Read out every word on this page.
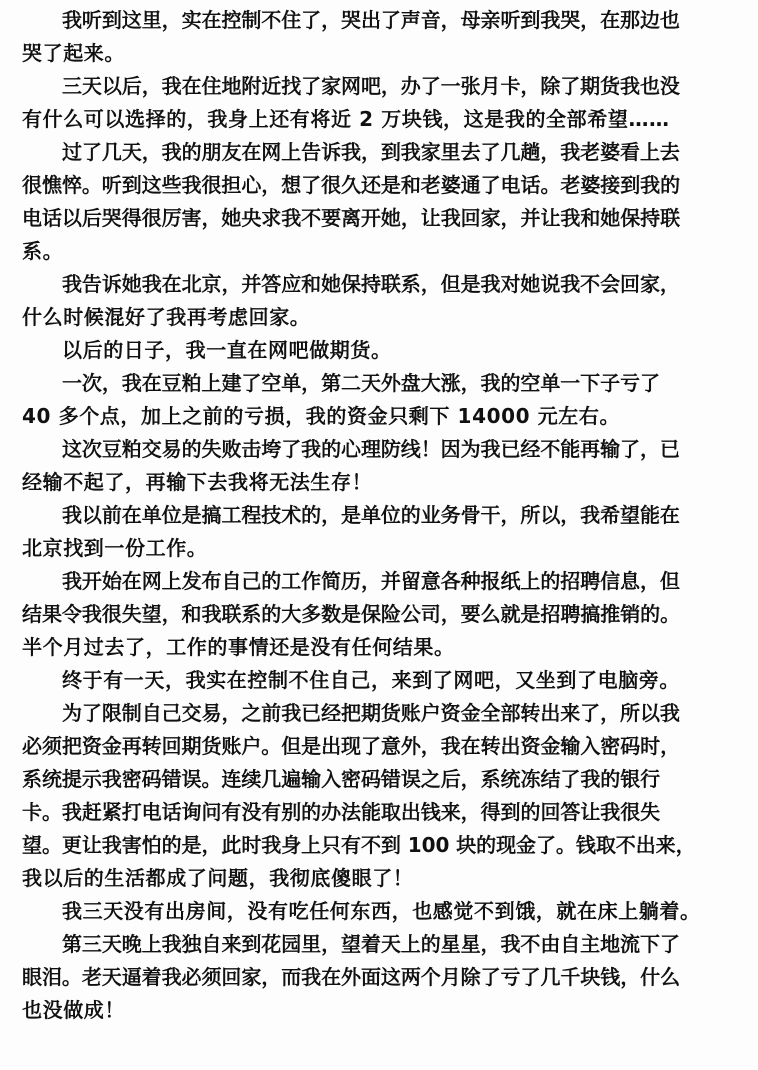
我听到这里，实在控制不住了，哭出了声音，母亲听到我哭，在那边也
哭了起来。
三天以后，我在住地附近找了家网吧，办了一张月卡，除了期货我也没
有什么可以选择的，我身上还有将近 2 万块钱，这是我的全部希望……
过了几天，我的朋友在网上告诉我，到我家里去了几趟，我老婆看上去
很憔悴。听到这些我很担心，想了很久还是和老婆通了电话。老婆接到我的
电话以后哭得很厉害，她央求我不要离开她，让我回家，并让我和她保持联
系。
我告诉她我在北京，并答应和她保持联系，但是我对她说我不会回家，
什么时候混好了我再考虑回家。
以后的日子，我一直在网吧做期货。
一次，我在豆粕上建了空单，第二天外盘大涨，我的空单一下子亏了
40 多个点，加上之前的亏损，我的资金只剩下 14000 元左右。
这次豆粕交易的失败击垮了我的心理防线！因为我已经不能再输了，已
经输不起了，再输下去我将无法生存！
我以前在单位是搞工程技术的，是单位的业务骨干，所以，我希望能在
北京找到一份工作。
我开始在网上发布自己的工作简历，并留意各种报纸上的招聘信息，但
结果令我很失望，和我联系的大多数是保险公司，要么就是招聘搞推销的。
半个月过去了，工作的事情还是没有任何结果。
终于有一天，我实在控制不住自己，来到了网吧，又坐到了电脑旁。
为了限制自己交易，之前我已经把期货账户资金全部转出来了，所以我
必须把资金再转回期货账户。但是出现了意外，我在转出资金输入密码时，
系统提示我密码错误。连续几遍输入密码错误之后，系统冻结了我的银行
卡。我赶紧打电话询问有没有别的办法能取出钱来，得到的回答让我很失
望。更让我害怕的是，此时我身上只有不到 100 块的现金了。钱取不出来，
我以后的生活都成了问题，我彻底傻眼了！
我三天没有出房间，没有吃任何东西，也感觉不到饿，就在床上躺着。
第三天晚上我独自来到花园里，望着天上的星星，我不由自主地流下了
眼泪。老天逼着我必须回家，而我在外面这两个月除了亏了几千块钱，什么
也没做成！
